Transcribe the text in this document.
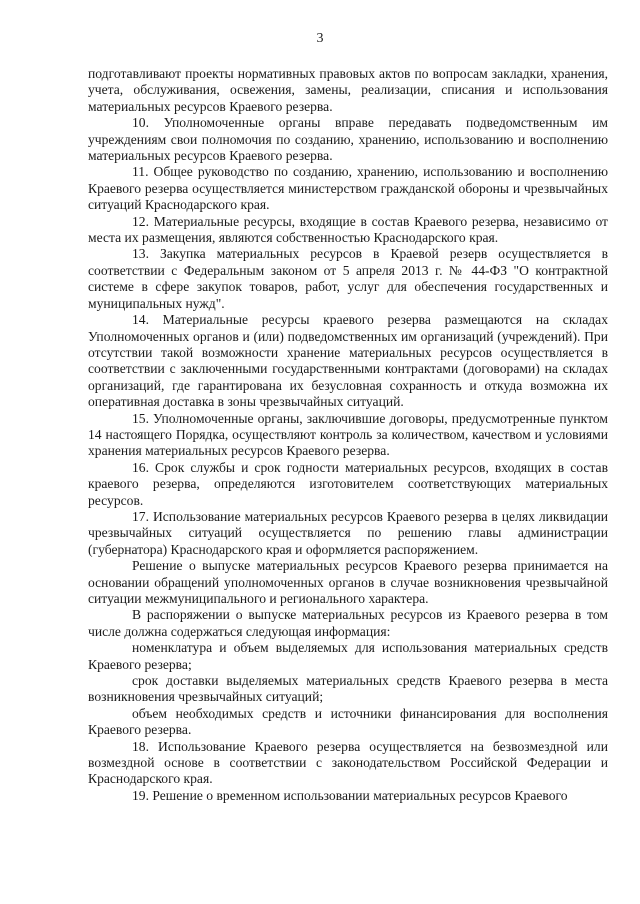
3

подготавливают проекты нормативных правовых актов по вопросам закладки, хранения, учета, обслуживания, освежения, замены, реализации, списания и использования материальных ресурсов Краевого резерва.

10. Уполномоченные органы вправе передавать подведомственным им учреждениям свои полномочия по созданию, хранению, использованию и восполнению материальных ресурсов Краевого резерва.

11. Общее руководство по созданию, хранению, использованию и восполнению Краевого резерва осуществляется министерством гражданской обороны и чрезвычайных ситуаций Краснодарского края.

12. Материальные ресурсы, входящие в состав Краевого резерва, независимо от места их размещения, являются собственностью Краснодарского края.

13. Закупка материальных ресурсов в Краевой резерв осуществляется в соответствии с Федеральным законом от 5 апреля 2013 г. № 44-ФЗ "О контрактной системе в сфере закупок товаров, работ, услуг для обеспечения государственных и муниципальных нужд".

14. Материальные ресурсы краевого резерва размещаются на складах Уполномоченных органов и (или) подведомственных им организаций (учреждений). При отсутствии такой возможности хранение материальных ресурсов осуществляется в соответствии с заключенными государственными контрактами (договорами) на складах организаций, где гарантирована их безусловная сохранность и откуда возможна их оперативная доставка в зоны чрезвычайных ситуаций.

15. Уполномоченные органы, заключившие договоры, предусмотренные пунктом 14 настоящего Порядка, осуществляют контроль за количеством, качеством и условиями хранения материальных ресурсов Краевого резерва.

16. Срок службы и срок годности материальных ресурсов, входящих в состав краевого резерва, определяются изготовителем соответствующих материальных ресурсов.

17. Использование материальных ресурсов Краевого резерва в целях ликвидации чрезвычайных ситуаций осуществляется по решению главы администрации (губернатора) Краснодарского края и оформляется распоряжением.

Решение о выпуске материальных ресурсов Краевого резерва принимается на основании обращений уполномоченных органов в случае возникновения чрезвычайной ситуации межмуниципального и регионального характера.

В распоряжении о выпуске материальных ресурсов из Краевого резерва в том числе должна содержаться следующая информация:

номенклатура и объем выделяемых для использования материальных средств Краевого резерва;

срок доставки выделяемых материальных средств Краевого резерва в места возникновения чрезвычайных ситуаций;

объем необходимых средств и источники финансирования для восполнения Краевого резерва.

18. Использование Краевого резерва осуществляется на безвозмездной или возмездной основе в соответствии с законодательством Российской Федерации и Краснодарского края.

19. Решение о временном использовании материальных ресурсов Краевого
